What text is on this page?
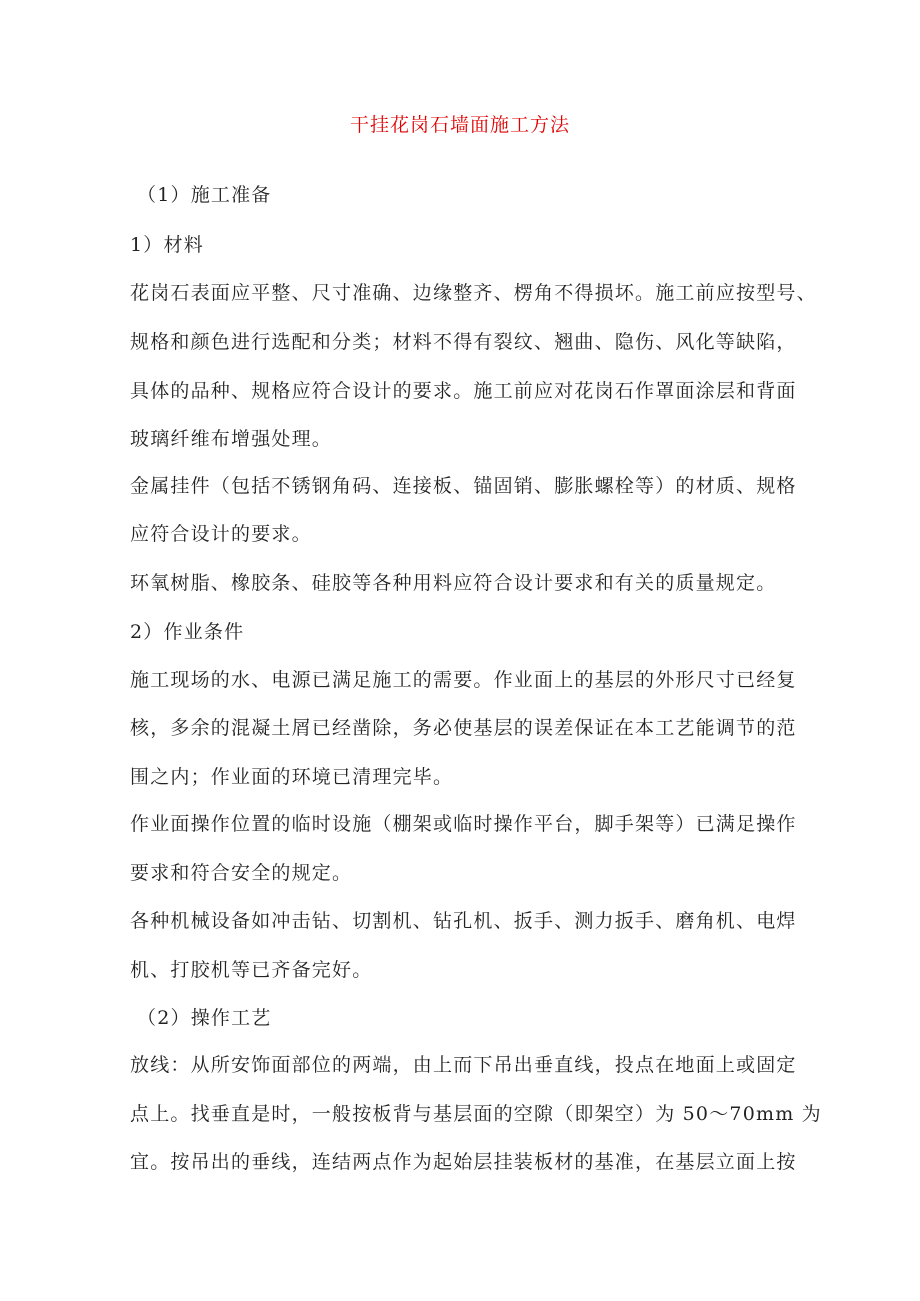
干挂花岗石墙面施工方法
（1）施工准备
1）材料
花岗石表面应平整、尺寸准确、边缘整齐、楞角不得损坏。施工前应按型号、
规格和颜色进行选配和分类；材料不得有裂纹、翘曲、隐伤、风化等缺陷，
具体的品种、规格应符合设计的要求。施工前应对花岗石作罩面涂层和背面
玻璃纤维布增强处理。
金属挂件（包括不锈钢角码、连接板、锚固销、膨胀螺栓等）的材质、规格
应符合设计的要求。
环氧树脂、橡胶条、硅胶等各种用料应符合设计要求和有关的质量规定。
2）作业条件
施工现场的水、电源已满足施工的需要。作业面上的基层的外形尺寸已经复
核，多余的混凝土屑已经凿除，务必使基层的误差保证在本工艺能调节的范
围之内；作业面的环境已清理完毕。
作业面操作位置的临时设施（棚架或临时操作平台，脚手架等）已满足操作
要求和符合安全的规定。
各种机械设备如冲击钻、切割机、钻孔机、扳手、测力扳手、磨角机、电焊
机、打胶机等已齐备完好。
（2）操作工艺
放线：从所安饰面部位的两端，由上而下吊出垂直线，投点在地面上或固定
点上。找垂直是时，一般按板背与基层面的空隙（即架空）为 50～70mm 为
宜。按吊出的垂线，连结两点作为起始层挂装板材的基准，在基层立面上按
